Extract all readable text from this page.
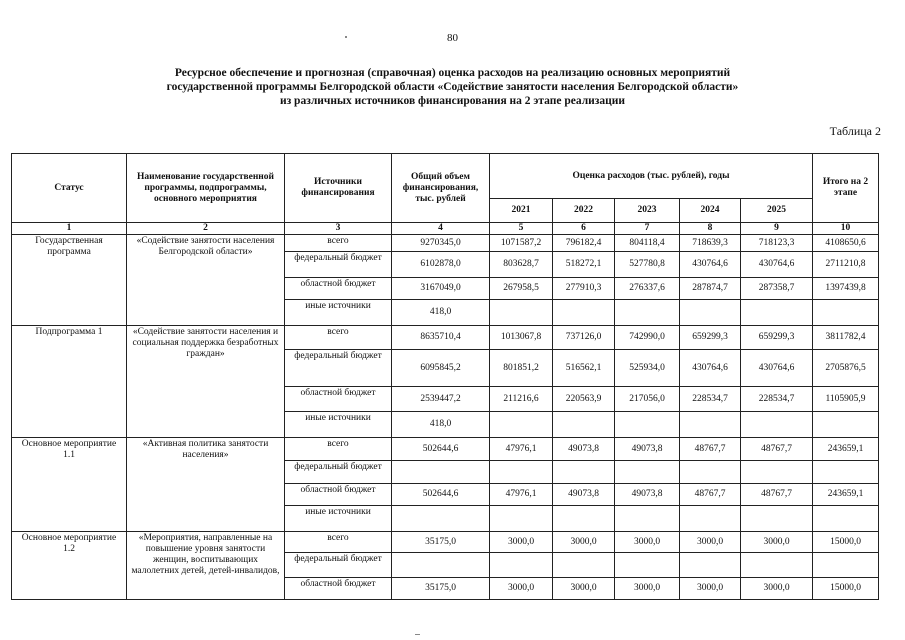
80
Ресурсное обеспечение и прогнозная (справочная) оценка расходов на реализацию основных мероприятий
государственной программы Белгородской области «Содействие занятости населения Белгородской области»
из различных источников финансирования на 2 этапе реализации
Таблица 2
Статус	Наименование государственной программы, подпрограммы, основного мероприятия	Источники финансирования	Общий объем финансирования, тыс. рублей	Оценка расходов (тыс. рублей), годы					Итого на 2 этапе
				2021	2022	2023	2024	2025	
1	2	3	4	5	6	7	8	9	10
Государственная программа	«Содействие занятости населения Белгородской области»	всего	9270345,0	1071587,2	796182,4	804118,4	718639,3	718123,3	4108650,6
		федеральный бюджет	6102878,0	803628,7	518272,1	527780,8	430764,6	430764,6	2711210,8
		областной бюджет	3167049,0	267958,5	277910,3	276337,6	287874,7	287358,7	1397439,8
		иные источники	418,0						
Подпрограмма 1	«Содействие занятости населения и социальная поддержка безработных граждан»	всего	8635710,4	1013067,8	737126,0	742990,0	659299,3	659299,3	3811782,4
		федеральный бюджет	6095845,2	801851,2	516562,1	525934,0	430764,6	430764,6	2705876,5
		областной бюджет	2539447,2	211216,6	220563,9	217056,0	228534,7	228534,7	1105905,9
		иные источники	418,0						
Основное мероприятие 1.1	«Активная политика занятости населения»	всего	502644,6	47976,1	49073,8	49073,8	48767,7	48767,7	243659,1
		федеральный бюджет							
		областной бюджет	502644,6	47976,1	49073,8	49073,8	48767,7	48767,7	243659,1
		иные источники							
Основное мероприятие 1.2	«Мероприятия, направленные на повышение уровня занятости женщин, воспитывающих малолетних детей, детей-инвалидов,	всего	35175,0	3000,0	3000,0	3000,0	3000,0	3000,0	15000,0
		федеральный бюджет							
		областной бюджет	35175,0	3000,0	3000,0	3000,0	3000,0	3000,0	15000,0
